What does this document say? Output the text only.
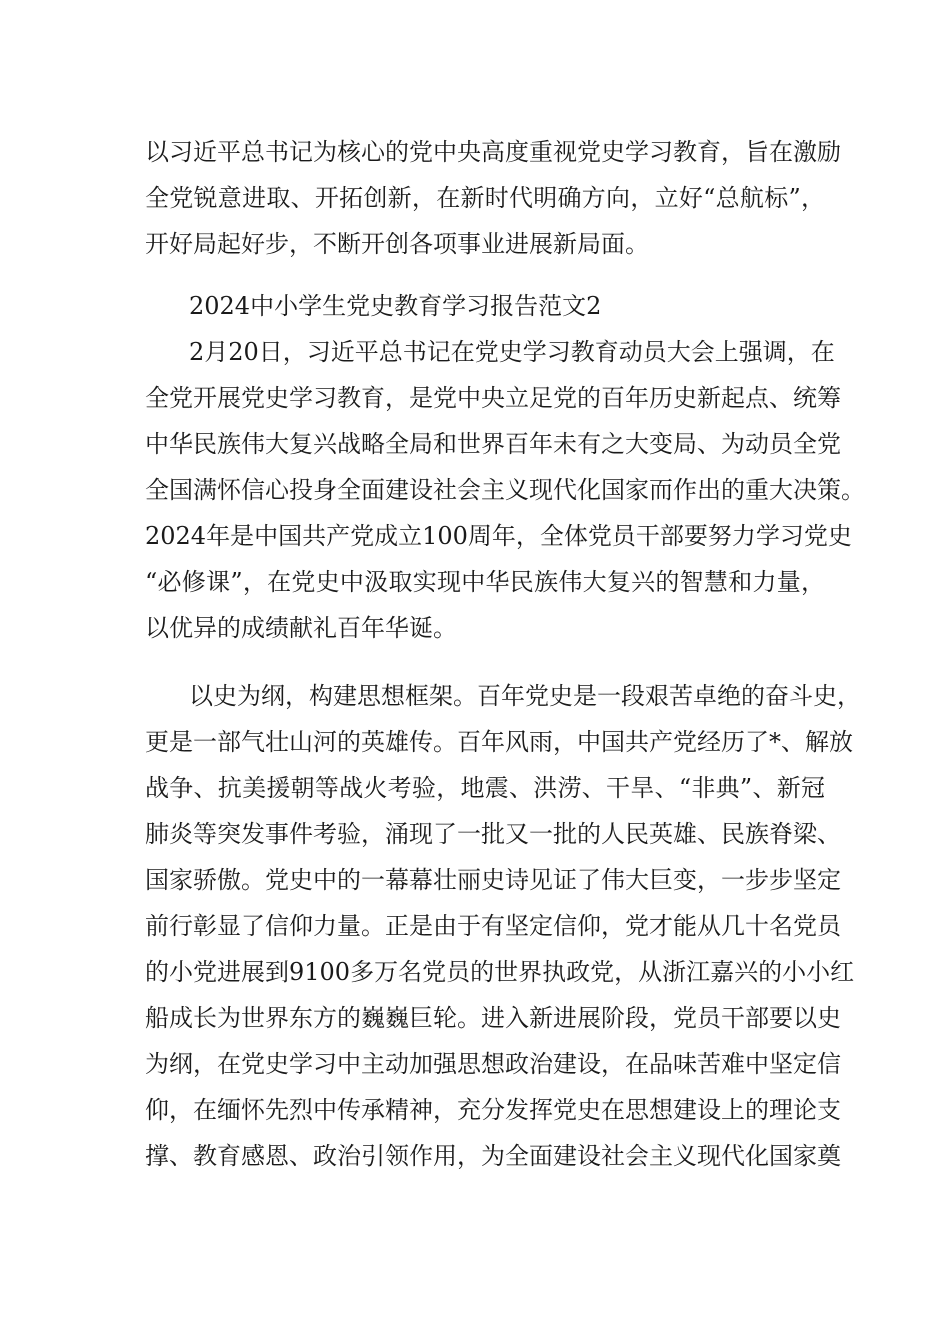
以习近平总书记为核心的党中央高度重视党史学习教育，旨在激励
全党锐意进取、开拓创新，在新时代明确方向，立好“总航标”，
开好局起好步，不断开创各项事业进展新局面。
2024中小学生党史教育学习报告范文2
2月20日，习近平总书记在党史学习教育动员大会上强调，在
全党开展党史学习教育，是党中央立足党的百年历史新起点、统筹
中华民族伟大复兴战略全局和世界百年未有之大变局、为动员全党
全国满怀信心投身全面建设社会主义现代化国家而作出的重大决策。
2024年是中国共产党成立100周年，全体党员干部要努力学习党史
“必修课”，在党史中汲取实现中华民族伟大复兴的智慧和力量，
以优异的成绩献礼百年华诞。
以史为纲，构建思想框架。百年党史是一段艰苦卓绝的奋斗史，
更是一部气壮山河的英雄传。百年风雨，中国共产党经历了*、解放
战争、抗美援朝等战火考验，地震、洪涝、干旱、“非典”、新冠
肺炎等突发事件考验，涌现了一批又一批的人民英雄、民族脊梁、
国家骄傲。党史中的一幕幕壮丽史诗见证了伟大巨变，一步步坚定
前行彰显了信仰力量。正是由于有坚定信仰，党才能从几十名党员
的小党进展到9100多万名党员的世界执政党，从浙江嘉兴的小小红
船成长为世界东方的巍巍巨轮。进入新进展阶段，党员干部要以史
为纲，在党史学习中主动加强思想政治建设，在品味苦难中坚定信
仰，在缅怀先烈中传承精神，充分发挥党史在思想建设上的理论支
撑、教育感恩、政治引领作用，为全面建设社会主义现代化国家奠
